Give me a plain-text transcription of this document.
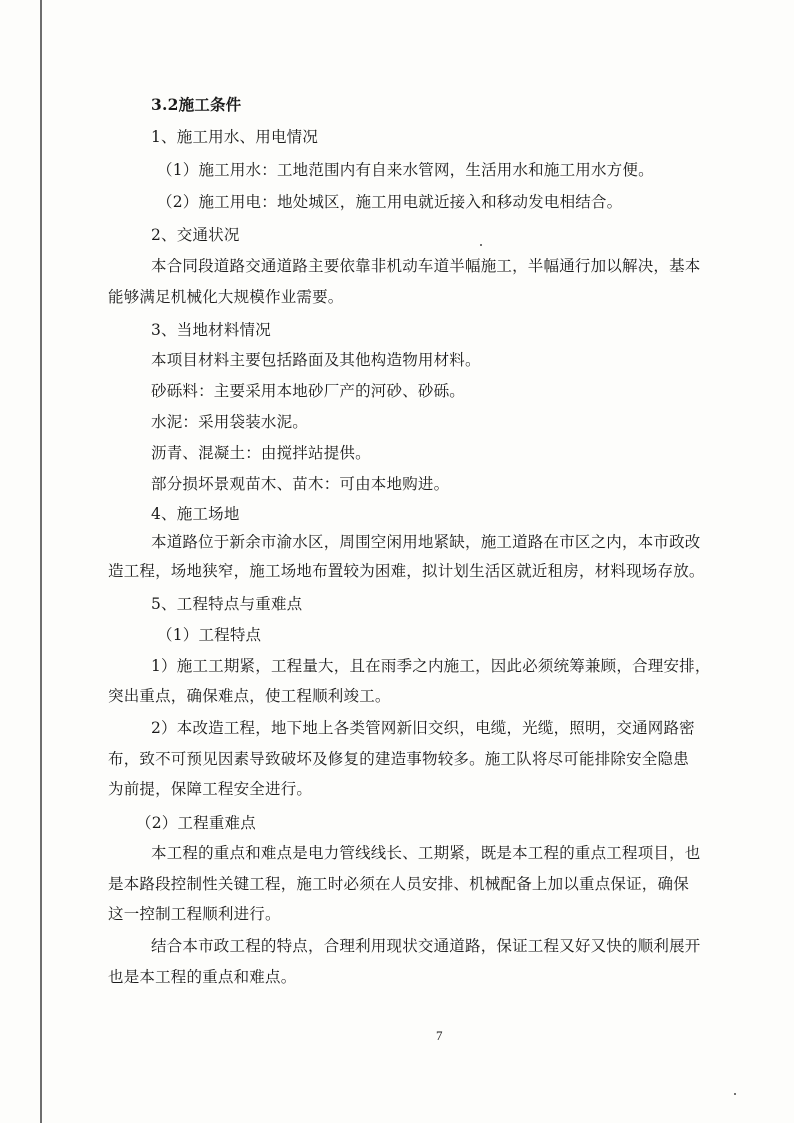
3.2施工条件
1、施工用水、用电情况
（1）施工用水：工地范围内有自来水管网，生活用水和施工用水方便。
（2）施工用电：地处城区，施工用电就近接入和移动发电相结合。
2、交通状况
本合同段道路交通道路主要依靠非机动车道半幅施工，半幅通行加以解决，基本
能够满足机械化大规模作业需要。
3、当地材料情况
本项目材料主要包括路面及其他构造物用材料。
砂砾料：主要采用本地砂厂产的河砂、砂砾。
水泥：采用袋装水泥。
沥青、混凝土：由搅拌站提供。
部分损坏景观苗木、苗木：可由本地购进。
4、施工场地
本道路位于新余市渝水区，周围空闲用地紧缺，施工道路在市区之内，本市政改
造工程，场地狭窄，施工场地布置较为困难，拟计划生活区就近租房，材料现场存放。
5、工程特点与重难点
（1）工程特点
1）施工工期紧，工程量大，且在雨季之内施工，因此必须统筹兼顾，合理安排，
突出重点，确保难点，使工程顺利竣工。
2）本改造工程，地下地上各类管网新旧交织，电缆，光缆，照明，交通网路密
布，致不可预见因素导致破坏及修复的建造事物较多。施工队将尽可能排除安全隐患
为前提，保障工程安全进行。
（2）工程重难点
本工程的重点和难点是电力管线线长、工期紧，既是本工程的重点工程项目，也
是本路段控制性关键工程，施工时必须在人员安排、机械配备上加以重点保证，确保
这一控制工程顺利进行。
结合本市政工程的特点，合理利用现状交通道路，保证工程又好又快的顺利展开
也是本工程的重点和难点。
7
